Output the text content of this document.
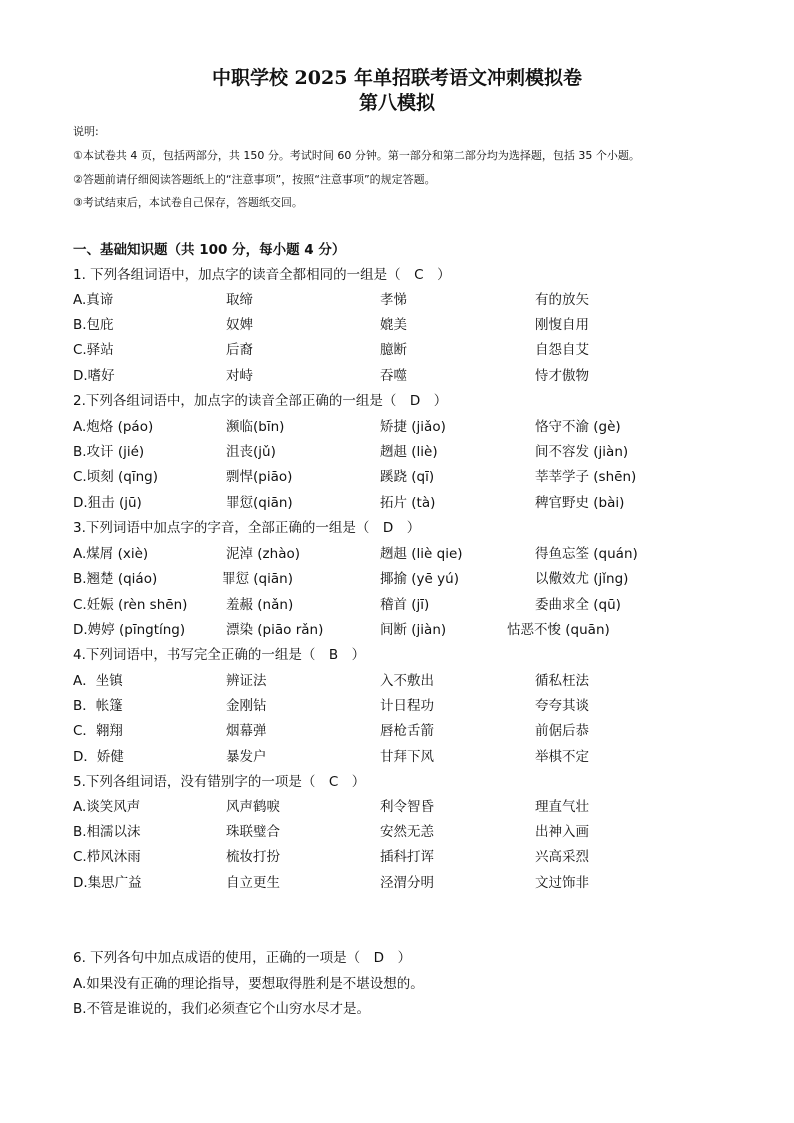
中职学校 2025 年单招联考语文冲刺模拟卷
第八模拟
说明:
①本试卷共 4 页，包括两部分，共 150 分。考试时间 60 分钟。第一部分和第二部分均为选择题，包括 35 个小题。
②答题前请仔细阅读答题纸上的“注意事项”，按照“注意事项”的规定答题。
③考试结束后，本试卷自己保存，答题纸交回。
一、基础知识题（共 100 分，每小题 4 分）
1. 下列各组词语中，加点字的读音全都相同的一组是（　C　）
A.真谛	取缔	孝悌	有的放矢
B.包庇	奴婢	媲美	刚愎自用
C.驿站	后裔	臆断	自怨自艾
D.嗜好	对峙	吞噬	恃才傲物
2.下列各组词语中，加点字的读音全部正确的一组是（　D　）
A.炮烙 (páo)	濒临(bīn)	矫捷 (jiǎo)	恪守不渝 (gè)
B.攻讦 (jié)	沮丧(jǔ)	趔趄 (liè)	间不容发 (jiàn)
C.顷刻 (qīng)	剽悍(piāo)	蹊跷 (qī)	莘莘学子 (shēn)
D.狙击 (jū)	罪愆(qiān)	拓片 (tà)	稗官野史 (bài)
3.下列词语中加点字的字音，全部正确的一组是（　D　）
A.煤屑 (xiè)	泥淖 (zhào)	趔趄 (liè qie)	得鱼忘筌 (quán)
B.翘楚 (qiáo)	罪愆 (qiān)	揶揄 (yē yú)	以儆效尤 (jǐng)
C.妊娠 (rèn shēn)	羞赧 (nǎn)	稽首 (jī)	委曲求全 (qū)
D.娉婷 (pīngtíng)	漂染 (piāo rǎn)	间断 (jiàn)	怙恶不悛 (quān)
4.下列词语中，书写完全正确的一组是（　B　）
A．坐镇	辨证法	入不敷出	循私枉法
B．帐篷	金刚钻	计日程功	夸夸其谈
C．翱翔	烟幕弹	唇枪舌箭	前倨后恭
D．娇健	暴发户	甘拜下风	举棋不定
5.下列各组词语，没有错别字的一项是（　C　）
A.谈笑风声	风声鹤唳	利令智昏	理直气壮
B.相濡以沫	珠联璧合	安然无恙	出神入画
C.栉风沐雨	梳妆打扮	插科打诨	兴高采烈
D.集思广益	自立更生	泾渭分明	文过饰非
6. 下列各句中加点成语的使用，正确的一项是（　D　）
A.如果没有正确的理论指导，要想取得胜利是不堪设想的。
B.不管是谁说的，我们必须查它个山穷水尽才是。
